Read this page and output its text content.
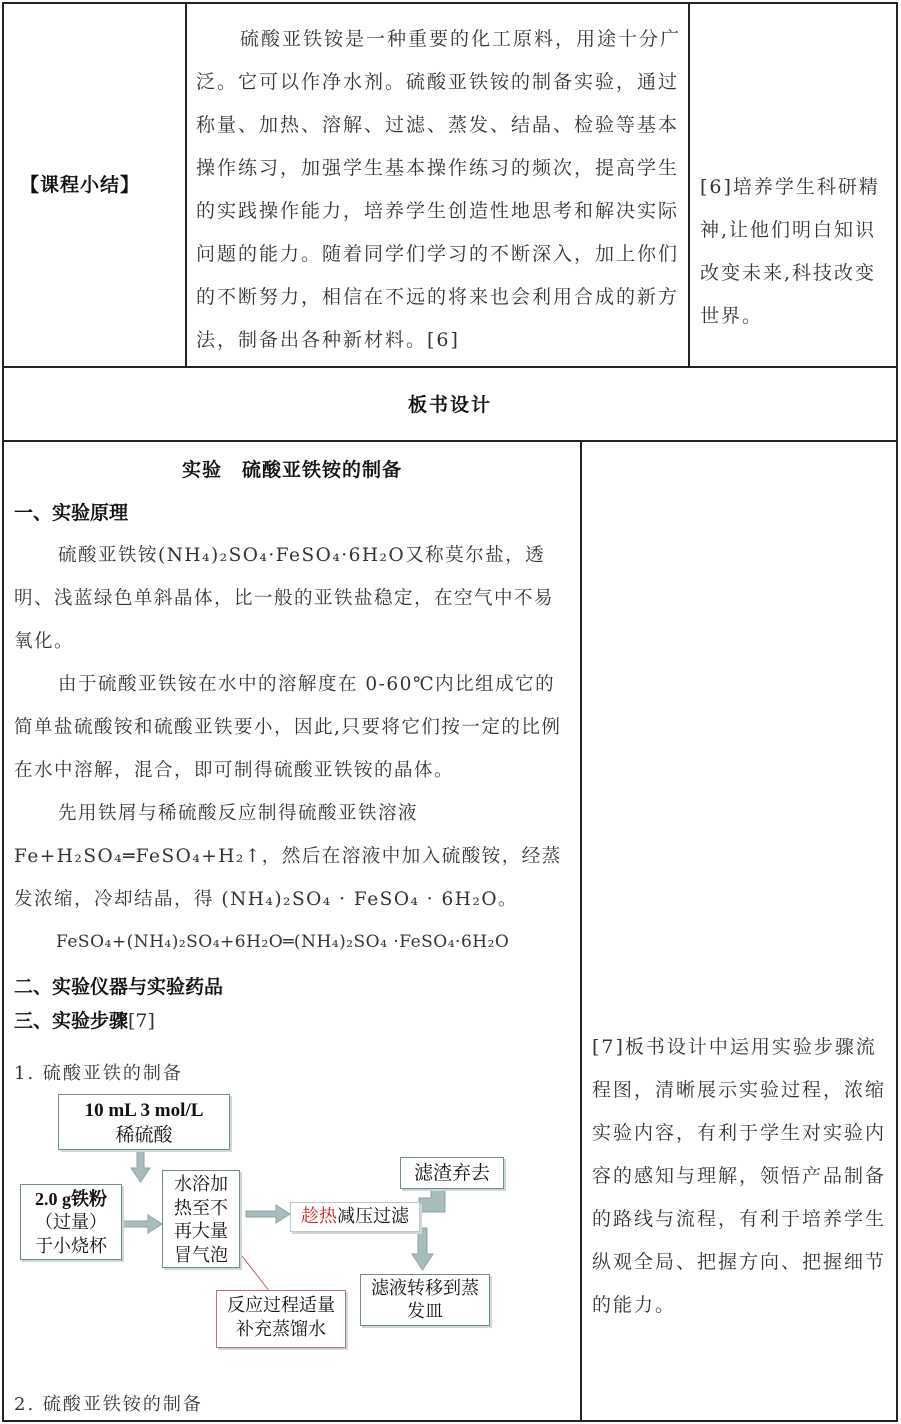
【课程小结】
硫酸亚铁铵是一种重要的化工原料，用途十分广泛。它可以作净水剂。硫酸亚铁铵的制备实验，通过称量、加热、溶解、过滤、蒸发、结晶、检验等基本操作练习，加强学生基本操作练习的频次，提高学生的实践操作能力，培养学生创造性地思考和解决实际问题的能力。随着同学们学习的不断深入，加上你们的不断努力，相信在不远的将来也会利用合成的新方法，制备出各种新材料。[6]
[6]培养学生科研精神,让他们明白知识改变未来,科技改变世界。
板书设计
实验　硫酸亚铁铵的制备
一、实验原理
硫酸亚铁铵(NH₄)₂SO₄·FeSO₄·6H₂O又称莫尔盐，透明、浅蓝绿色单斜晶体，比一般的亚铁盐稳定，在空气中不易氧化。
由于硫酸亚铁铵在水中的溶解度在 0-60℃内比组成它的简单盐硫酸铵和硫酸亚铁要小，因此,只要将它们按一定的比例在水中溶解，混合，即可制得硫酸亚铁铵的晶体。
先用铁屑与稀硫酸反应制得硫酸亚铁溶液 Fe+H₂SO₄═FeSO₄+H₂↑，然后在溶液中加入硫酸铵，经蒸发浓缩，冷却结晶，得 (NH₄)₂SO₄ · FeSO₄ · 6H₂O。
FeSO₄+(NH₄)₂SO₄+6H₂O═(NH₄)₂SO₄ ·FeSO₄·6H₂O
二、实验仪器与实验药品
三、实验步骤[7]
1. 硫酸亚铁的制备
2. 硫酸亚铁铵的制备
10 mL 3 mol/L
稀硫酸
2.0 g铁粉
（过量）
于小烧杯
水浴加
热至不
再大量
冒气泡
趁热减压过滤
滤渣弃去
滤液转移到蒸
发皿
反应过程适量
补充蒸馏水
[7]板书设计中运用实验步骤流程图，清晰展示实验过程，浓缩实验内容，有利于学生对实验内容的感知与理解，领悟产品制备的路线与流程，有利于培养学生纵观全局、把握方向、把握细节的能力。
